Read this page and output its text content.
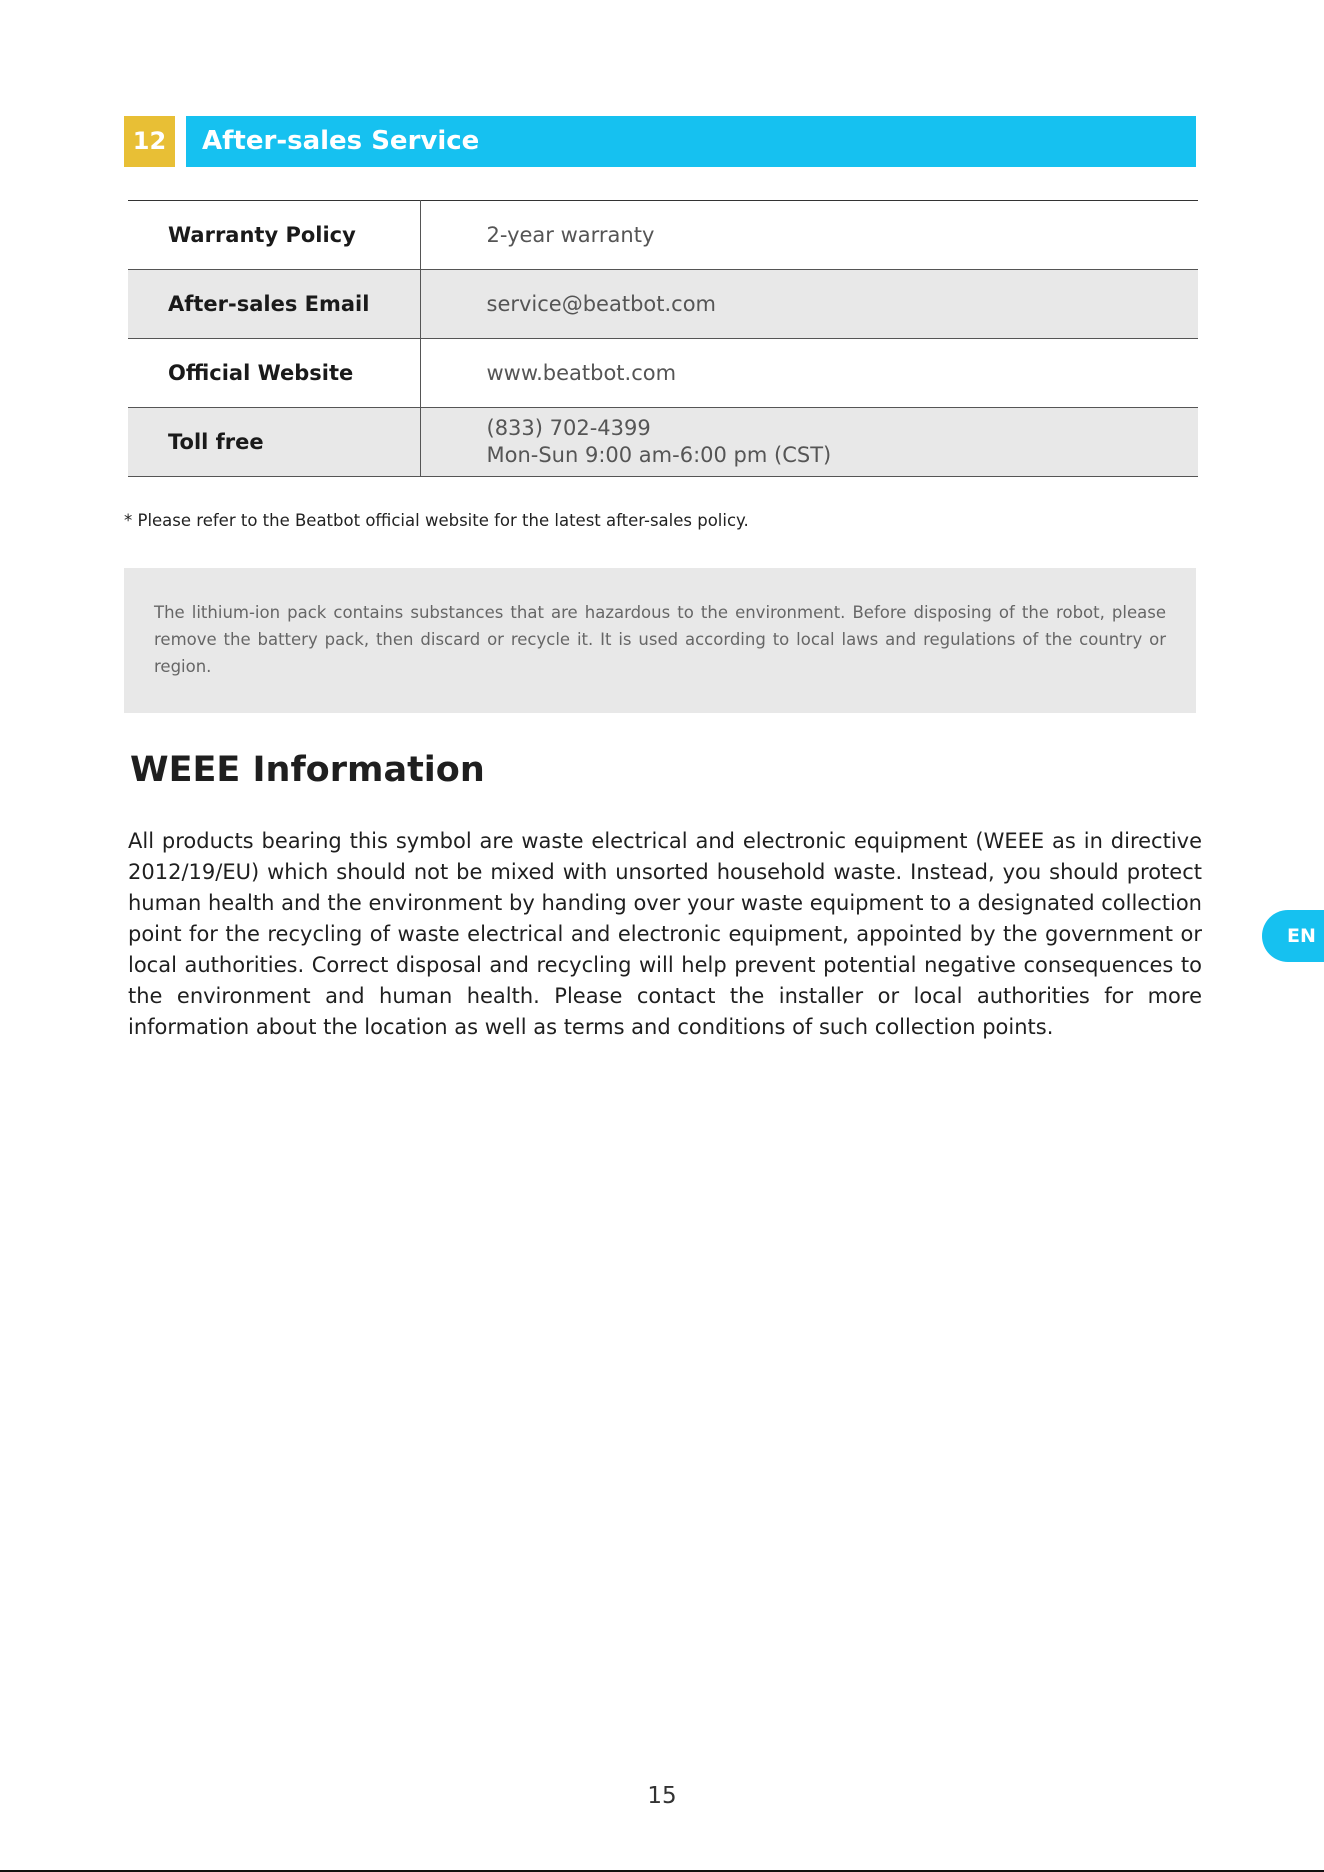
12	After-sales Service
Warranty Policy	2-year warranty
After-sales Email	service@beatbot.com
Official Website	www.beatbot.com
Toll free	(833) 702-4399
Mon-Sun 9:00 am-6:00 pm (CST)
* Please refer to the Beatbot official website for the latest after-sales policy.
The lithium-ion pack contains substances that are hazardous to the environment. Before disposing of the robot, please remove the battery pack, then discard or recycle it. It is used according to local laws and regulations of the country or region.
WEEE Information

All products bearing this symbol are waste electrical and electronic equipment (WEEE as in directive 2012/19/EU) which should not be mixed with unsorted household waste. Instead, you should protect human health and the environment by handing over your waste equipment to a designated collection point for the recycling of waste electrical and electronic equipment, appointed by the government or local authorities. Correct disposal and recycling will help prevent potential negative consequences to the environment and human health. Please contact the installer or local authorities for more information about the location as well as terms and conditions of such collection points.

EN
15
